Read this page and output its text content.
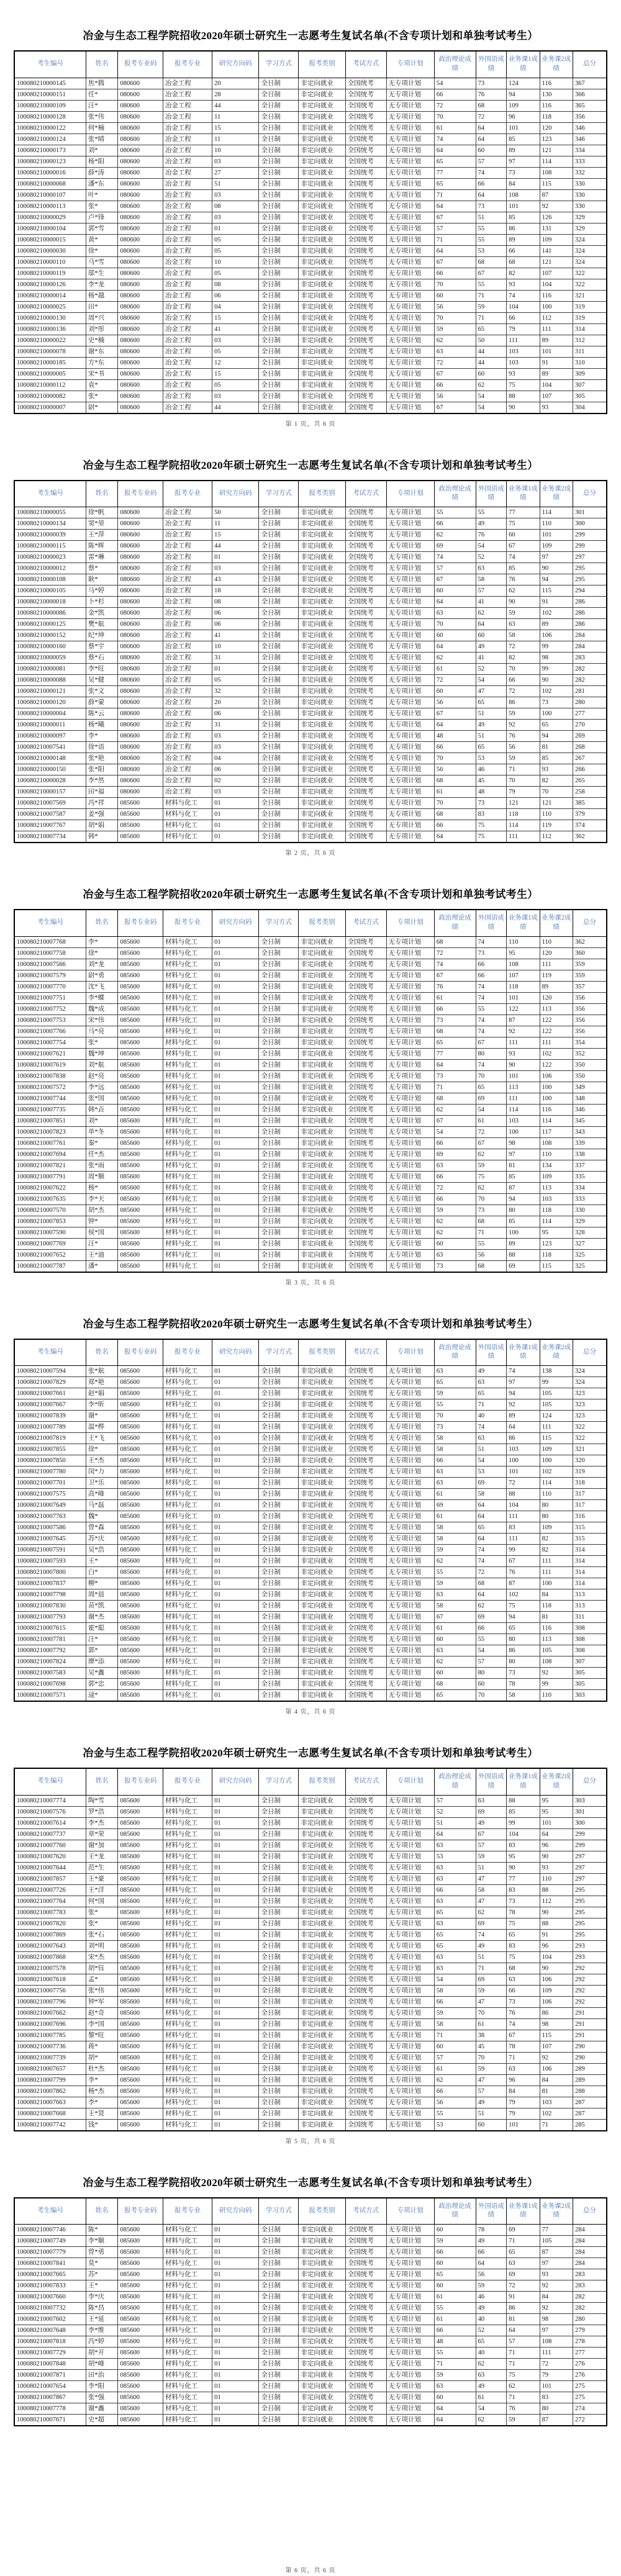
冶金与生态工程学院招收2020年硕士研究生一志愿考生复试名单(不含专项计划和单独考试考生）
考生编号	姓名	报考专业码	报考专业	研究方向码	学习方式	报考类别	考试方式	专项计划	政治理论成绩	外国语成绩	业务课1成绩	业务课2成绩	总分
100080210000145	焦*腾	080600	冶金工程	20	全日制	非定向就业	全国统考	无专项计划	54	73	124	116	367
100080210000151	任*	080600	冶金工程	28	全日制	非定向就业	全国统考	无专项计划	66	76	94	130	366
100080210000109	汪*	080600	冶金工程	44	全日制	非定向就业	全国统考	无专项计划	72	68	109	116	365
100080210000128	张*伟	080600	冶金工程	11	全日制	非定向就业	全国统考	无专项计划	70	72	96	118	356
100080210000122	何*楠	080600	冶金工程	15	全日制	非定向就业	全国统考	无专项计划	61	64	101	120	346
100080210000124	张*晴	080600	冶金工程	11	全日制	非定向就业	全国统考	无专项计划	74	64	85	123	346
100080210000173	刘*	080600	冶金工程	10	全日制	非定向就业	全国统考	无专项计划	64	60	89	121	334
100080210000123	杨*阳	080600	冶金工程	03	全日制	非定向就业	全国统考	无专项计划	65	57	97	114	333
100080210000016	薛*涛	080600	冶金工程	27	全日制	非定向就业	全国统考	无专项计划	77	74	73	108	332
100080210000068	潘*东	080600	冶金工程	51	全日制	非定向就业	全国统考	无专项计划	65	66	84	115	330
100080210000107	叶*	080600	冶金工程	03	全日制	非定向就业	全国统考	无专项计划	71	64	108	87	330
100080210000113	张*	080600	冶金工程	08	全日制	非定向就业	全国统考	无专项计划	64	73	101	92	330
100080210000029	卢*锋	080600	冶金工程	03	全日制	非定向就业	全国统考	无专项计划	67	51	85	126	329
100080210000104	郭*雪	080600	冶金工程	01	全日制	非定向就业	全国统考	无专项计划	57	55	86	131	329
100080210000015	黄*	080600	冶金工程	05	全日制	非定向就业	全国统考	无专项计划	71	55	89	109	324
100080210000030	徐*	080600	冶金工程	05	全日制	非定向就业	全国统考	无专项计划	64	53	66	141	324
100080210000110	马*雪	080600	冶金工程	10	全日制	非定向就业	全国统考	无专项计划	67	68	68	121	324
100080210000119	邬*生	080600	冶金工程	05	全日制	非定向就业	全国统考	无专项计划	66	67	82	107	322
100080210000126	李*龙	080600	冶金工程	08	全日制	非定向就业	全国统考	无专项计划	70	55	93	104	322
100080210000014	杨*越	080600	冶金工程	06	全日制	非定向就业	全国统考	无专项计划	60	71	74	116	321
100080210000025	田*	080600	冶金工程	04	全日制	非定向就业	全国统考	无专项计划	56	59	104	100	319
100080210000130	周*兴	080600	冶金工程	15	全日制	非定向就业	全国统考	无专项计划	70	71	66	112	319
100080210000136	刘*彤	080600	冶金工程	41	全日制	非定向就业	全国统考	无专项计划	59	65	79	111	314
100080210000022	史*楠	080600	冶金工程	03	全日制	非定向就业	全国统考	无专项计划	62	50	111	89	312
100080210000078	谢*东	080600	冶金工程	05	全日制	非定向就业	全国统考	无专项计划	63	44	103	101	311
100080210000185	方*东	080600	冶金工程	12	全日制	非定向就业	全国统考	无专项计划	72	44	103	91	310
100080210000005	宋*书	080600	冶金工程	15	全日制	非定向就业	全国统考	无专项计划	67	60	93	89	309
100080210000112	袁*	080600	冶金工程	05	全日制	非定向就业	全国统考	无专项计划	66	62	75	104	307
100080210000082	张*	080600	冶金工程	03	全日制	非定向就业	全国统考	无专项计划	56	54	88	107	305
100080210000007	尉*	080600	冶金工程	44	全日制	非定向就业	全国统考	无专项计划	67	54	90	93	304
第 1 页，共 6 页
冶金与生态工程学院招收2020年硕士研究生一志愿考生复试名单(不含专项计划和单独考试考生）
考生编号	姓名	报考专业码	报考专业	研究方向码	学习方式	报考类别	考试方式	专项计划	政治理论成绩	外国语成绩	业务课1成绩	业务课2成绩	总分
100080210000055	徐*帆	080600	冶金工程	50	全日制	非定向就业	全国统考	无专项计划	55	55	77	114	301
100080210000134	窦*堃	080600	冶金工程	11	全日制	非定向就业	全国统考	无专项计划	66	49	75	110	300
100080210000039	王*萍	080600	冶金工程	15	全日制	非定向就业	全国统考	无专项计划	62	76	60	101	299
100080210000115	陈*晖	080600	冶金工程	44	全日制	非定向就业	全国统考	无专项计划	69	54	67	109	299
100080210000023	雷*琳	080600	冶金工程	01	全日制	非定向就业	全国统考	无专项计划	74	52	74	97	297
100080210000012	蔡*	080600	冶金工程	03	全日制	非定向就业	全国统考	无专项计划	57	63	85	90	295
100080210000108	耿*	080600	冶金工程	43	全日制	非定向就业	全国统考	无专项计划	67	58	76	94	295
100080210000105	马*婷	080600	冶金工程	18	全日制	非定向就业	全国统考	无专项计划	60	57	62	115	294
100080210000018	卜*杉	080600	冶金工程	08	全日制	非定向就业	全国统考	无专项计划	64	41	90	91	286
100080210000086	金*凯	080600	冶金工程	06	全日制	非定向就业	全国统考	无专项计划	63	62	59	102	286
100080210000125	樊*航	080600	冶金工程	06	全日制	非定向就业	全国统考	无专项计划	70	64	63	89	286
100080210000152	纪*坤	080600	冶金工程	41	全日制	非定向就业	全国统考	无专项计划	60	60	58	106	284
100080210000160	蔡*宇	080600	冶金工程	10	全日制	非定向就业	全国统考	无专项计划	64	49	72	99	284
100080210000059	蔡*石	080600	冶金工程	31	全日制	非定向就业	全国统考	无专项计划	62	41	82	98	283
100080210000081	李*旺	080600	冶金工程	01	全日制	非定向就业	全国统考	无专项计划	61	52	70	99	282
100080210000088	吴*健	080600	冶金工程	05	全日制	非定向就业	全国统考	无专项计划	72	54	66	90	282
100080210000121	张*文	080600	冶金工程	32	全日制	非定向就业	全国统考	无专项计划	60	47	72	102	281
100080210000120	薛*蒙	080600	冶金工程	20	全日制	非定向就业	全国统考	无专项计划	56	65	86	73	280
100080210000004	陈*云	080600	冶金工程	06	全日制	非定向就业	全国统考	无专项计划	67	51	59	100	277
100080210000011	杨*曦	080600	冶金工程	31	全日制	非定向就业	全国统考	无专项计划	64	49	92	65	270
100080210000097	李*	080600	冶金工程	03	全日制	非定向就业	全国统考	无专项计划	48	51	76	94	269
100080210007541	徐*语	080600	冶金工程	03	全日制	非定向就业	全国统考	无专项计划	66	65	56	81	268
100080210000148	张*艳	080600	冶金工程	04	全日制	非定向就业	全国统考	无专项计划	70	53	59	85	267
100080210000150	张*阳	080600	冶金工程	06	全日制	非定向就业	全国统考	无专项计划	56	46	71	93	266
100080210000028	李*然	080600	冶金工程	02	全日制	非定向就业	全国统考	无专项计划	68	45	70	82	265
100080210000157	田*福	080600	冶金工程	03	全日制	非定向就业	全国统考	无专项计划	61	48	79	70	258
100080210007569	冯*祥	085600	材料与化工	01	全日制	非定向就业	全国统考	无专项计划	70	73	121	121	385
100080210007587	姜*强	085600	材料与化工	01	全日制	非定向就业	全国统考	无专项计划	68	83	118	110	379
100080210007767	胡*娟	085600	材料与化工	01	全日制	非定向就业	全国统考	无专项计划	66	75	114	119	374
100080210007734	韩*	085600	材料与化工	01	全日制	非定向就业	全国统考	无专项计划	64	75	111	112	362
第 2 页，共 6 页
冶金与生态工程学院招收2020年硕士研究生一志愿考生复试名单(不含专项计划和单独考试考生）
考生编号	姓名	报考专业码	报考专业	研究方向码	学习方式	报考类别	考试方式	专项计划	政治理论成绩	外国语成绩	业务课1成绩	业务课2成绩	总分
100080210007768	李*	085600	材料与化工	01	全日制	非定向就业	全国统考	无专项计划	68	74	110	110	362
100080210007758	徐*	085600	材料与化工	01	全日制	非定向就业	全国统考	无专项计划	72	73	95	120	360
100080210007566	刘*龙	085600	材料与化工	01	全日制	非定向就业	全国统考	无专项计划	74	66	108	111	359
100080210007579	尉*勇	085600	材料与化工	01	全日制	非定向就业	全国统考	无专项计划	67	66	107	119	359
100080210007770	沈*飞	085600	材料与化工	01	全日制	非定向就业	全国统考	无专项计划	76	74	118	89	357
100080210007751	李*蝶	085600	材料与化工	01	全日制	非定向就业	全国统考	无专项计划	61	74	101	120	356
100080210007752	魏*成	085600	材料与化工	01	全日制	非定向就业	全国统考	无专项计划	66	55	122	113	356
100080210007753	宋*伟	085600	材料与化工	01	全日制	非定向就业	全国统考	无专项计划	73	74	87	122	356
100080210007766	马*亮	085600	材料与化工	01	全日制	非定向就业	全国统考	无专项计划	68	74	92	122	356
100080210007754	张*	085600	材料与化工	01	全日制	非定向就业	全国统考	无专项计划	65	67	111	111	354
100080210007621	魏*坤	085600	材料与化工	01	全日制	非定向就业	全国统考	无专项计划	77	80	93	102	352
100080210007619	刘*航	085600	材料与化工	01	全日制	非定向就业	全国统考	无专项计划	64	74	90	122	350
100080210007838	赵*亮	085600	材料与化工	01	全日制	非定向就业	全国统考	无专项计划	73	70	101	106	350
100080210007572	李*远	085600	材料与化工	01	全日制	非定向就业	全国统考	无专项计划	71	65	113	100	349
100080210007744	张*国	085600	材料与化工	01	全日制	非定向就业	全国统考	无专项计划	68	69	111	100	348
100080210007735	韩*垚	085600	材料与化工	01	全日制	非定向就业	全国统考	无专项计划	62	54	114	116	346
100080210007851	刘*	085600	材料与化工	01	全日制	非定向就业	全国统考	无专项计划	67	61	103	114	345
100080210007823	单*冬	085600	材料与化工	01	全日制	非定向就业	全国统考	无专项计划	54	72	100	117	343
100080210007761	秦*	085600	材料与化工	01	全日制	非定向就业	全国统考	无专项计划	66	67	98	108	339
100080210007694	任*杰	085600	材料与化工	01	全日制	非定向就业	全国统考	无专项计划	69	62	97	110	338
100080210007821	张*雨	085600	材料与化工	01	全日制	非定向就业	全国统考	无专项计划	63	59	81	134	337
100080210007791	周*顺	085600	材料与化工	01	全日制	非定向就业	全国统考	无专项计划	66	75	85	109	335
100080210007622	杨*	085600	材料与化工	01	全日制	非定向就业	全国统考	无专项计划	72	62	87	113	334
100080210007635	李*天	085600	材料与化工	01	全日制	非定向就业	全国统考	无专项计划	66	70	94	103	333
100080210007570	胡*杰	085600	材料与化工	01	全日制	非定向就业	全国统考	无专项计划	59	73	80	118	330
100080210007853	钟*	085600	材料与化工	01	全日制	非定向就业	全国统考	无专项计划	62	68	85	114	329
100080210007590	侯*国	085600	材料与化工	01	全日制	非定向就业	全国统考	无专项计划	62	71	100	95	328
100080210007769	汪*	085600	材料与化工	01	全日制	非定向就业	全国统考	无专项计划	60	55	89	123	327
100080210007652	王*迪	085600	材料与化工	01	全日制	非定向就业	全国统考	无专项计划	63	56	88	118	325
100080210007787	潘*	085600	材料与化工	01	全日制	非定向就业	全国统考	无专项计划	73	68	69	115	325
第 3 页，共 6 页
冶金与生态工程学院招收2020年硕士研究生一志愿考生复试名单(不含专项计划和单独考试考生）
考生编号	姓名	报考专业码	报考专业	研究方向码	学习方式	报考类别	考试方式	专项计划	政治理论成绩	外国语成绩	业务课1成绩	业务课2成绩	总分
100080210007594	张*航	085600	材料与化工	01	全日制	非定向就业	全国统考	无专项计划	63	49	74	138	324
100080210007829	郑*艳	085600	材料与化工	01	全日制	非定向就业	全国统考	无专项计划	65	63	97	99	324
100080210007661	赵*娟	085600	材料与化工	01	全日制	非定向就业	全国统考	无专项计划	59	65	94	105	323
100080210007667	李*昕	085600	材料与化工	01	全日制	非定向就业	全国统考	无专项计划	55	71	92	105	323
100080210007839	谢*	085600	材料与化工	01	全日制	非定向就业	全国统考	无专项计划	70	40	89	124	323
100080210007789	温*桦	085600	材料与化工	01	全日制	非定向就业	全国统考	无专项计划	73	74	64	111	322
100080210007819	王*飞	085600	材料与化工	01	全日制	非定向就业	全国统考	无专项计划	58	63	86	115	322
100080210007855	徐*	085600	材料与化工	01	全日制	非定向就业	全国统考	无专项计划	58	51	103	109	321
100080210007850	王*杰	085600	材料与化工	01	全日制	非定向就业	全国统考	无专项计划	66	54	100	100	320
100080210007780	闵*力	085600	材料与化工	01	全日制	非定向就业	全国统考	无专项计划	63	53	101	102	319
100080210007701	卫*乐	085600	材料与化工	01	全日制	非定向就业	全国统考	无专项计划	63	69	72	114	318
100080210007575	高*峰	085600	材料与化工	01	全日制	非定向就业	全国统考	无专项计划	61	58	88	110	317
100080210007649	马*磊	085600	材料与化工	01	全日制	非定向就业	全国统考	无专项计划	69	64	104	80	317
100080210007763	魏*	085600	材料与化工	01	全日制	非定向就业	全国统考	无专项计划	61	64	111	80	316
100080210007586	曾*森	085600	材料与化工	01	全日制	非定向就业	全国统考	无专项计划	58	65	83	109	315
100080210007645	苏*庆	085600	材料与化工	01	全日制	非定向就业	全国统考	无专项计划	58	64	111	82	315
100080210007591	吴*浩	085600	材料与化工	01	全日制	非定向就业	全国统考	无专项计划	59	74	99	82	314
100080210007593	王*	085600	材料与化工	01	全日制	非定向就业	全国统考	无专项计划	62	74	67	111	314
100080210007800	白*	085600	材料与化工	01	全日制	非定向就业	全国统考	无专项计划	55	72	76	111	314
100080210007837	柳*	085600	材料与化工	01	全日制	非定向就业	全国统考	无专项计划	59	68	87	100	314
100080210007798	周*晨	085600	材料与化工	01	全日制	非定向就业	全国统考	无专项计划	63	64	102	84	313
100080210007830	苗*凯	085600	材料与化工	01	全日制	非定向就业	全国统考	无专项计划	58	62	75	118	313
100080210007793	谢*杰	085600	材料与化工	01	全日制	非定向就业	全国统考	无专项计划	67	69	94	81	311
100080210007615	霍*聪	085600	材料与化工	01	全日制	非定向就业	全国统考	无专项计划	61	66	65	116	308
100080210007781	汪*	085600	材料与化工	01	全日制	非定向就业	全国统考	无专项计划	60	55	80	113	308
100080210007792	郭*	085600	材料与化工	01	全日制	非定向就业	全国统考	无专项计划	63	54	86	105	308
100080210007824	廖*添	085600	材料与化工	01	全日制	非定向就业	全国统考	无专项计划	62	57	80	108	307
100080210007583	吴*鑫	085600	材料与化工	01	全日制	非定向就业	全国统考	无专项计划	60	80	73	92	305
100080210007698	郭*忠	085600	材料与化工	01	全日制	非定向就业	全国统考	无专项计划	68	60	78	99	305
100080210007571	逯*	085600	材料与化工	01	全日制	非定向就业	全国统考	无专项计划	65	70	58	110	303
第 4 页，共 6 页
冶金与生态工程学院招收2020年硕士研究生一志愿考生复试名单(不含专项计划和单独考试考生）
考生编号	姓名	报考专业码	报考专业	研究方向码	学习方式	报考类别	考试方式	专项计划	政治理论成绩	外国语成绩	业务课1成绩	业务课2成绩	总分
100080210007774	陶*雪	085600	材料与化工	01	全日制	非定向就业	全国统考	无专项计划	57	63	88	95	303
100080210007576	罗*浩	085600	材料与化工	01	全日制	非定向就业	全国统考	无专项计划	52	69	85	95	301
100080210007614	李*杰	085600	材料与化工	01	全日制	非定向就业	全国统考	无专项计划	51	49	99	101	300
100080210007737	章*荣	085600	材料与化工	01	全日制	非定向就业	全国统考	无专项计划	64	67	104	64	299
100080210007760	谢*加	085600	材料与化工	01	全日制	非定向就业	全国统考	无专项计划	63	57	83	96	299
100080210007620	王*龙	085600	材料与化工	01	全日制	非定向就业	全国统考	无专项计划	53	59	95	90	297
100080210007644	范*生	085600	材料与化工	01	全日制	非定向就业	全国统考	无专项计划	63	51	90	93	297
100080210007857	王*豪	085600	材料与化工	01	全日制	非定向就业	全国统考	无专项计划	63	47	77	110	297
100080210007726	王*洋	085600	材料与化工	01	全日制	非定向就业	全国统考	无专项计划	66	58	83	88	295
100080210007764	何*国	085600	材料与化工	01	全日制	非定向就业	全国统考	无专项计划	63	47	73	112	295
100080210007783	张*	085600	材料与化工	01	全日制	非定向就业	全国统考	无专项计划	65	62	78	90	295
100080210007820	张*	085600	材料与化工	01	全日制	非定向就业	全国统考	无专项计划	63	69	75	88	295
100080210007869	张*石	085600	材料与化工	01	全日制	非定向就业	全国统考	无专项计划	65	74	65	91	295
100080210007643	刘*明	085600	材料与化工	01	全日制	非定向就业	全国统考	无专项计划	65	49	83	96	293
100080210007868	宋*杰	085600	材料与化工	01	全日制	非定向就业	全国统考	无专项计划	63	51	75	104	293
100080210007578	胡*钰	085600	材料与化工	01	全日制	非定向就业	全国统考	无专项计划	63	71	68	90	292
100080210007618	孟*	085600	材料与化工	01	全日制	非定向就业	全国统考	无专项计划	54	69	63	106	292
100080210007756	张*伟	085600	材料与化工	01	全日制	非定向就业	全国统考	无专项计划	58	59	66	109	292
100080210007796	钟*军	085600	材料与化工	01	全日制	非定向就业	全国统考	无专项计划	66	47	73	106	292
100080210007662	赵*奇	085600	材料与化工	01	全日制	非定向就业	全国统考	无专项计划	59	70	76	86	291
100080210007696	李*国	085600	材料与化工	01	全日制	非定向就业	全国统考	无专项计划	58	61	74	98	291
100080210007785	黎*旺	085600	材料与化工	01	全日制	非定向就业	全国统考	无专项计划	71	38	67	115	291
100080210007736	蒋*	085600	材料与化工	01	全日制	非定向就业	全国统考	无专项计划	60	45	78	107	290
100080210007739	胡*	085600	材料与化工	01	全日制	非定向就业	全国统考	无专项计划	57	70	71	92	290
100080210007657	杜*杰	085600	材料与化工	01	全日制	非定向就业	全国统考	无专项计划	61	59	63	106	289
100080210007799	李*	085600	材料与化工	01	全日制	非定向就业	全国统考	无专项计划	62	47	96	84	289
100080210007862	杨*杰	085600	材料与化工	01	全日制	非定向就业	全国统考	无专项计划	66	57	84	81	288
100080210007663	李*	085600	材料与化工	01	全日制	非定向就业	全国统考	无专项计划	56	49	79	103	287
100080210007668	王*贤	085600	材料与化工	01	全日制	非定向就业	全国统考	无专项计划	55	51	79	102	287
100080210007742	钱*	085600	材料与化工	01	全日制	非定向就业	全国统考	无专项计划	53	60	101	71	285
第 5 页，共 6 页
冶金与生态工程学院招收2020年硕士研究生一志愿考生复试名单(不含专项计划和单独考试考生）
考生编号	姓名	报考专业码	报考专业	研究方向码	学习方式	报考类别	考试方式	专项计划	政治理论成绩	外国语成绩	业务课1成绩	业务课2成绩	总分
100080210007746	陈*	085600	材料与化工	01	全日制	非定向就业	全国统考	无专项计划	60	78	69	77	284
100080210007749	李*顺	085600	材料与化工	01	全日制	非定向就业	全国统考	无专项计划	59	49	71	105	284
100080210007779	曾*勇	085600	材料与化工	01	全日制	非定向就业	全国统考	无专项计划	66	66	65	87	284
100080210007841	莫*	085600	材料与化工	01	全日制	非定向就业	全国统考	无专项计划	60	64	63	97	284
100080210007665	苏*	085600	材料与化工	01	全日制	非定向就业	全国统考	无专项计划	65	56	69	93	283
100080210007833	王*	085600	材料与化工	01	全日制	非定向就业	全国统考	无专项计划	60	59	72	92	283
100080210007660	李*庆	085600	材料与化工	01	全日制	非定向就业	全国统考	无专项计划	61	46	91	84	282
100080210007732	陈*昌	085600	材料与化工	01	全日制	非定向就业	全国统考	无专项计划	55	49	86	92	282
100080210007602	王*延	085600	材料与化工	01	全日制	非定向就业	全国统考	无专项计划	61	40	81	98	280
100080210007648	李*维	085600	材料与化工	01	全日制	非定向就业	全国统考	无专项计划	66	52	64	97	279
100080210007818	冯*婷	085600	材料与化工	01	全日制	非定向就业	全国统考	无专项计划	48	65	57	108	278
100080210007729	胡*开	085600	材料与化工	01	全日制	非定向就业	全国统考	无专项计划	55	40	71	111	277
100080210007848	胡*峰	085600	材料与化工	01	全日制	非定向就业	全国统考	无专项计划	71	62	71	72	276
100080210007871	田*治	085600	材料与化工	01	全日制	非定向就业	全国统考	无专项计划	59	63	75	79	276
100080210007654	李*阳	085600	材料与化工	01	全日制	非定向就业	全国统考	无专项计划	63	49	62	101	275
100080210007867	张*强	085600	材料与化工	01	全日制	非定向就业	全国统考	无专项计划	60	61	71	83	275
100080210007778	谢*鑫	085600	材料与化工	01	全日制	非定向就业	全国统考	无专项计划	64	54	76	80	274
100080210007671	史*超	085600	材料与化工	01	全日制	非定向就业	全国统考	无专项计划	64	62	59	87	272
第 6 页，共 6 页
